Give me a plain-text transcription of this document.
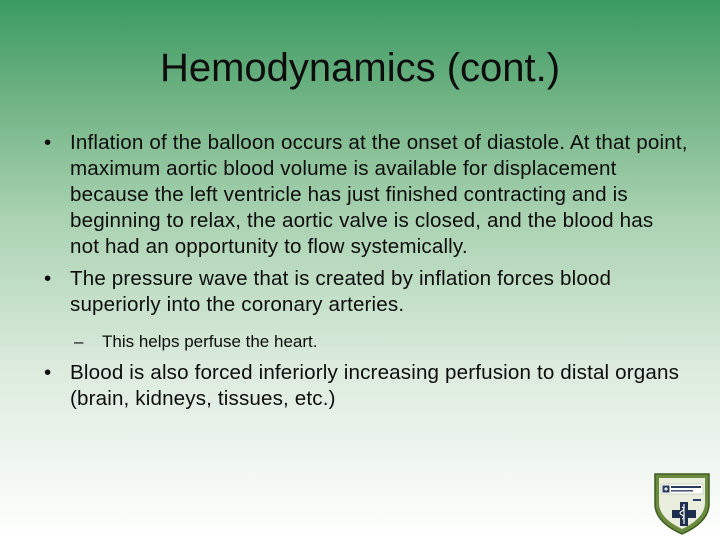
Hemodynamics (cont.)
• Inflation of the balloon occurs at the onset of diastole. At that point, maximum aortic blood volume is available for displacement because the left ventricle has just finished contracting and is beginning to relax, the aortic valve is closed, and the blood has not had an opportunity to flow systemically.
• The pressure wave that is created by inflation forces blood superiorly into the coronary arteries.
– This helps perfuse the heart.
• Blood is also forced inferiorly increasing perfusion to distal organs (brain, kidneys, tissues, etc.)
